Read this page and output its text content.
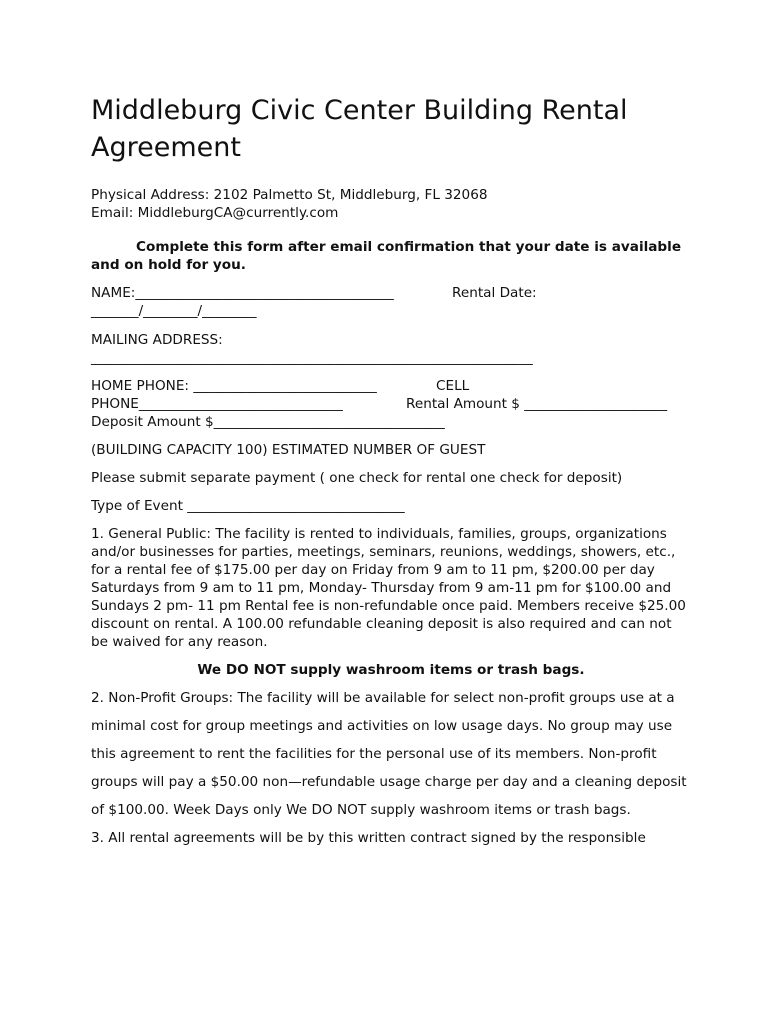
Middleburg Civic Center Building Rental Agreement

Physical Address: 2102 Palmetto St, Middleburg, FL 32068

Email: MiddleburgCA@currently.com

Complete this form after email confirmation that your date is available and on hold for you.

NAME:______________________________________	Rental Date:

_______/________/________

MAILING ADDRESS:

_________________________________________________________________

HOME PHONE: ___________________________	CELL
PHONE______________________________	Rental Amount $ _____________________

Deposit Amount $__________________________________

(BUILDING CAPACITY 100) ESTIMATED NUMBER OF GUEST

Please submit separate payment ( one check for rental one check for deposit)

Type of Event ________________________________

1. General Public: The facility is rented to individuals, families, groups, organizations and/or businesses for parties, meetings, seminars, reunions, weddings, showers, etc., for a rental fee of $175.00 per day on Friday from 9 am to 11 pm, $200.00 per day Saturdays from 9 am to 11 pm, Monday- Thursday from 9 am-11 pm for $100.00 and Sundays 2 pm- 11 pm Rental fee is non-refundable once paid. Members receive $25.00 discount on rental. A 100.00 refundable cleaning deposit is also required and can not be waived for any reason.

We DO NOT supply washroom items or trash bags.

2. Non-Profit Groups: The facility will be available for select non-profit groups use at a

minimal cost for group meetings and activities on low usage days. No group may use

this agreement to rent the facilities for the personal use of its members. Non-profit

groups will pay a $50.00 non—refundable usage charge per day and a cleaning deposit

of $100.00. Week Days only We DO NOT supply washroom items or trash bags.

3. All rental agreements will be by this written contract signed by the responsible
